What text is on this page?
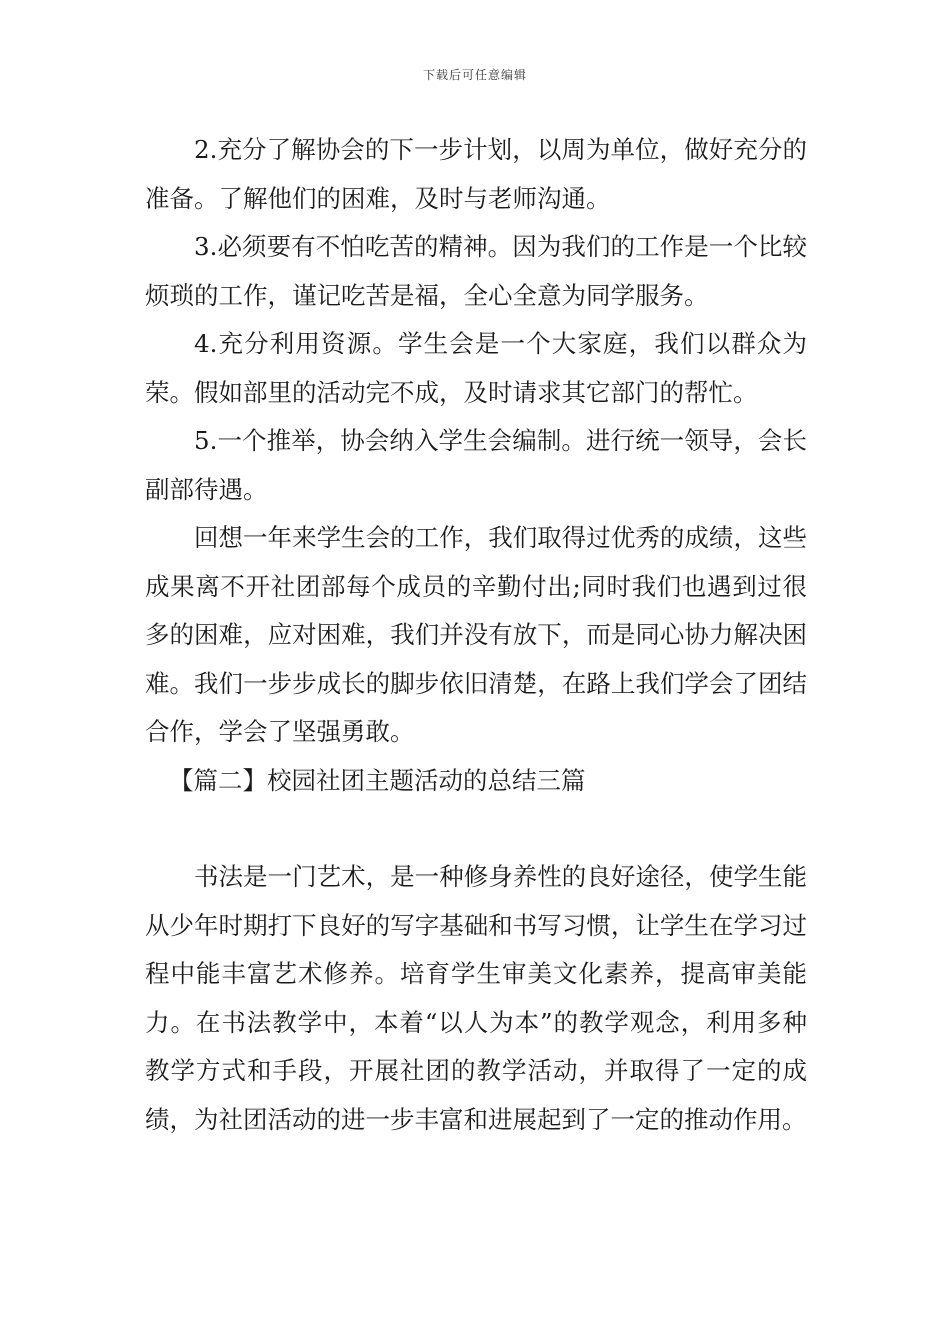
下载后可任意编辑

2.充分了解协会的下一步计划，以周为单位，做好充分的准备。了解他们的困难，及时与老师沟通。

3.必须要有不怕吃苦的精神。因为我们的工作是一个比较烦琐的工作，谨记吃苦是福，全心全意为同学服务。

4.充分利用资源。学生会是一个大家庭，我们以群众为荣。假如部里的活动完不成，及时请求其它部门的帮忙。

5.一个推举，协会纳入学生会编制。进行统一领导，会长副部待遇。

回想一年来学生会的工作，我们取得过优秀的成绩，这些成果离不开社团部每个成员的辛勤付出;同时我们也遇到过很多的困难，应对困难，我们并没有放下，而是同心协力解决困难。我们一步步成长的脚步依旧清楚，在路上我们学会了团结合作，学会了坚强勇敢。

【篇二】校园社团主题活动的总结三篇

书法是一门艺术，是一种修身养性的良好途径，使学生能从少年时期打下良好的写字基础和书写习惯，让学生在学习过程中能丰富艺术修养。培育学生审美文化素养，提高审美能力。在书法教学中，本着“以人为本”的教学观念，利用多种教学方式和手段，开展社团的教学活动，并取得了一定的成绩，为社团活动的进一步丰富和进展起到了一定的推动作用。
